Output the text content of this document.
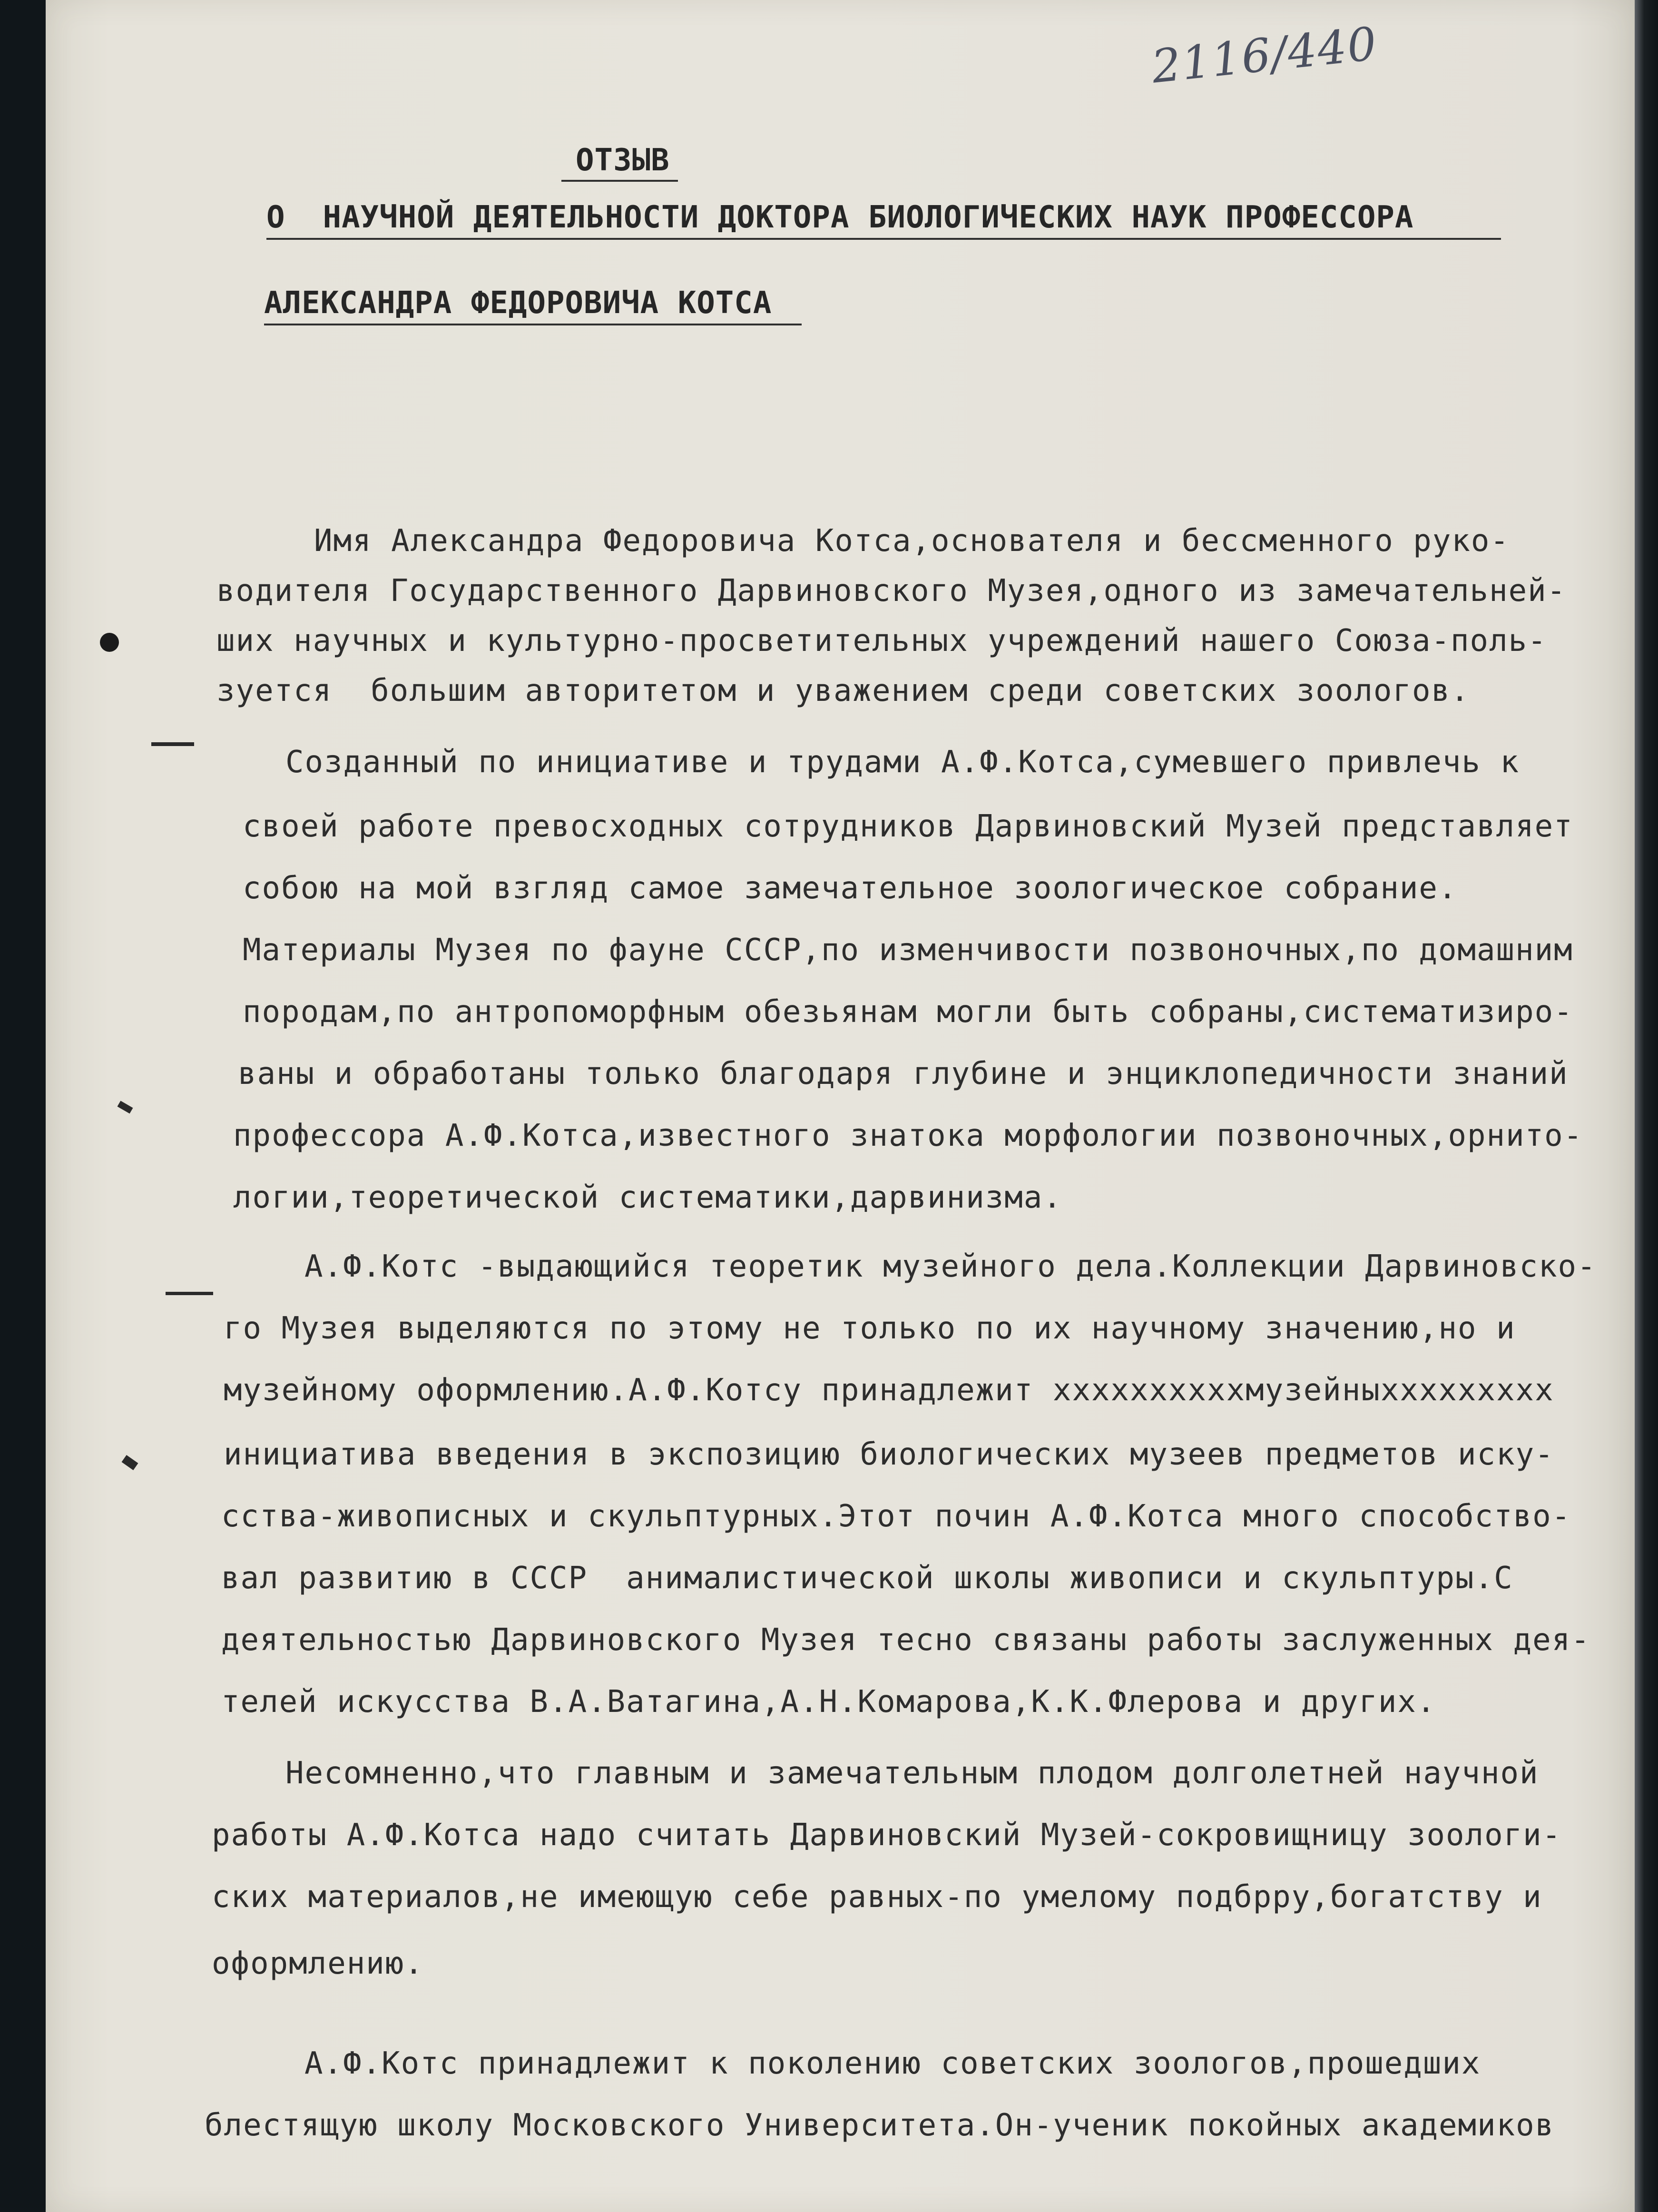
2116/440
ОТЗЫВ
О  НАУЧНОЙ ДЕЯТЕЛЬНОСТИ ДОКТОРА БИОЛОГИЧЕСКИХ НАУК ПРОФЕССОРА
АЛЕКСАНДРА ФЕДОРОВИЧА КОТСА
Имя Александра Федоровича Котса,основателя и бессменного руко-
водителя Государственного Дарвиновского Музея,одного из замечательней-
ших научных и культурно-просветительных учреждений нашего Союза-поль-
зуется  большим авторитетом и уважением среди советских зоологов.
Созданный по инициативе и трудами А.Ф.Котса,сумевшего привлечь к
своей работе превосходных сотрудников Дарвиновский Музей представляет
собою на мой взгляд самое замечательное зоологическое собрание.
Материалы Музея по фауне СССР,по изменчивости позвоночных,по домашним
породам,по антропоморфным обезьянам могли быть собраны,систематизиро-
ваны и обработаны только благодаря глубине и энциклопедичности знаний
профессора А.Ф.Котса,известного знатока морфологии позвоночных,орнито-
логии,теоретической систематики,дарвинизма.
А.Ф.Котс -выдающийся теоретик музейного дела.Коллекции Дарвиновско-
го Музея выделяются по этому не только по их научному значению,но и
музейному оформлению.А.Ф.Котсу принадлежит xxxxxxxxxxмузейныххххххххх
инициатива введения в экспозицию биологических музеев предметов иску-
сства-живописных и скульптурных.Этот почин А.Ф.Котса много способство-
вал развитию в СССР  анималистической школы живописи и скульптуры.С
деятельностью Дарвиновского Музея тесно связаны работы заслуженных дея-
телей искусства В.А.Ватагина,А.Н.Комарова,К.К.Флерова и других.
Несомненно,что главным и замечательным плодом долголетней научной
работы А.Ф.Котса надо считать Дарвиновский Музей-сокровищницу зоологи-
ских материалов,не имеющую себе равных-по умелому подбрру,богатству и
оформлению.
А.Ф.Котс принадлежит к поколению советских зоологов,прошедших
блестящую школу Московского Университета.Он-ученик покойных академиков
